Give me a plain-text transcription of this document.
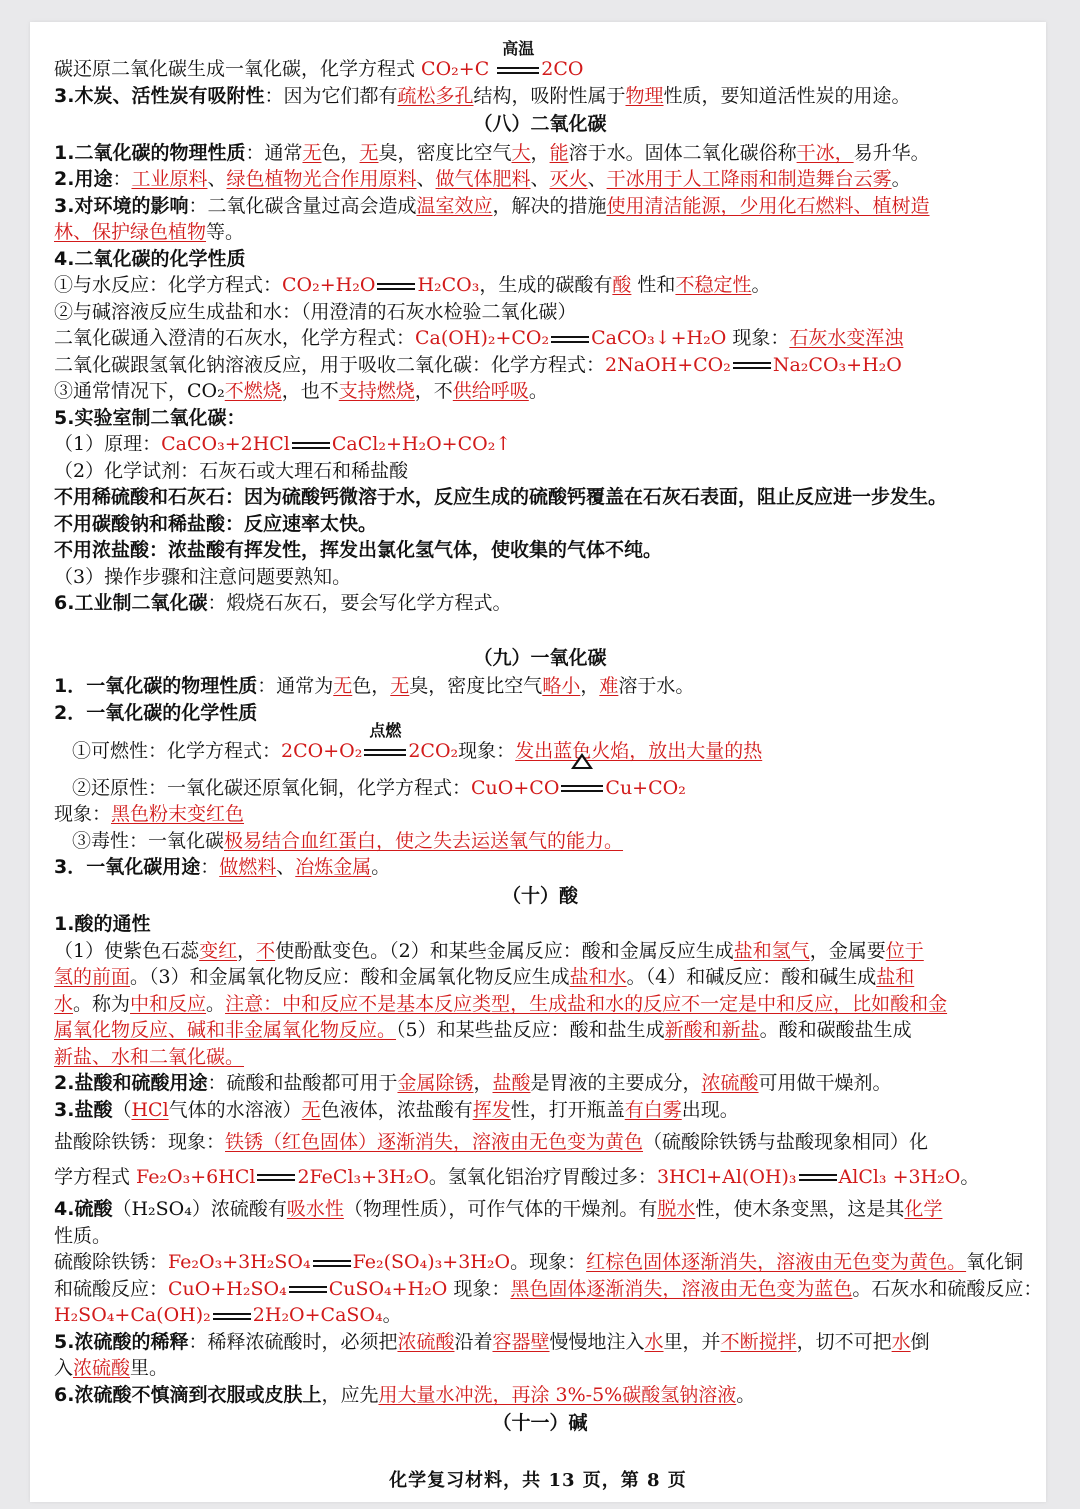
碳还原二氧化碳生成一氧化碳，化学方程式 CO₂+C
高温
2CO
3.木炭、活性炭有吸附性：因为它们都有疏松多孔结构，吸附性属于物理性质，要知道活性炭的用途。
（八）二氧化碳
1.二氧化碳的物理性质：通常无色，无臭，密度比空气大，能溶于水。固体二氧化碳俗称干冰，易升华。
2.用途：工业原料、绿色植物光合作用原料、做气体肥料、灭火、干冰用于人工降雨和制造舞台云雾。
3.对环境的影响：二氧化碳含量过高会造成温室效应，解决的措施使用清洁能源，少用化石燃料、植树造
林、保护绿色植物等。
4.二氧化碳的化学性质
①与水反应：化学方程式：CO₂+H₂O H₂CO₃，生成的碳酸有酸 性和不稳定性。
②与碱溶液反应生成盐和水：（用澄清的石灰水检验二氧化碳）
二氧化碳通入澄清的石灰水，化学方程式：Ca(OH)₂+CO₂ CaCO₃↓+H₂O 现象：石灰水变浑浊
二氧化碳跟氢氧化钠溶液反应，用于吸收二氧化碳：化学方程式：2NaOH+CO₂ Na₂CO₃+H₂O
③通常情况下，CO₂不燃烧，也不支持燃烧，不供给呼吸。
5.实验室制二氧化碳：
（1）原理：CaCO₃+2HCl CaCl₂+H₂O+CO₂↑
（2）化学试剂：石灰石或大理石和稀盐酸
不用稀硫酸和石灰石：因为硫酸钙微溶于水，反应生成的硫酸钙覆盖在石灰石表面，阻止反应进一步发生。
不用碳酸钠和稀盐酸：反应速率太快。
不用浓盐酸：浓盐酸有挥发性，挥发出氯化氢气体，使收集的气体不纯。
（3）操作步骤和注意问题要熟知。
6.工业制二氧化碳：煅烧石灰石，要会写化学方程式。
（九）一氧化碳
1．一氧化碳的物理性质：通常为无色，无臭，密度比空气略小，难溶于水。
2．一氧化碳的化学性质
①可燃性：化学方程式：2CO+O₂
点燃
2CO₂现象：发出蓝色火焰，放出大量的热
②还原性：一氧化碳还原氧化铜，化学方程式：CuO+CO Cu+CO₂
现象：黑色粉末变红色
③毒性：一氧化碳极易结合血红蛋白，使之失去运送氧气的能力。
3．一氧化碳用途：做燃料、冶炼金属。
（十）酸
1.酸的通性
（1）使紫色石蕊变红，不使酚酞变色。（2）和某些金属反应：酸和金属反应生成盐和氢气，金属要位于
氢的前面。（3）和金属氧化物反应：酸和金属氧化物反应生成盐和水。（4）和碱反应：酸和碱生成盐和
水。称为中和反应。注意：中和反应不是基本反应类型，生成盐和水的反应不一定是中和反应，比如酸和金
属氧化物反应、碱和非金属氧化物反应。（5）和某些盐反应：酸和盐生成新酸和新盐。酸和碳酸盐生成
新盐、水和二氧化碳。
2.盐酸和硫酸用途：硫酸和盐酸都可用于金属除锈，盐酸是胃液的主要成分，浓硫酸可用做干燥剂。
3.盐酸（HCl气体的水溶液）无色液体，浓盐酸有挥发性，打开瓶盖有白雾出现。
盐酸除铁锈：现象：铁锈（红色固体）逐渐消失，溶液由无色变为黄色（硫酸除铁锈与盐酸现象相同）化
学方程式 Fe₂O₃+6HCl 2FeCl₃+3H₂O。氢氧化铝治疗胃酸过多：3HCl+Al(OH)₃ AlCl₃ +3H₂O。
4.硫酸（H₂SO₄）浓硫酸有吸水性（物理性质），可作气体的干燥剂。有脱水性，使木条变黑，这是其化学
性质。
硫酸除铁锈：Fe₂O₃+3H₂SO₄ Fe₂(SO₄)₃+3H₂O。现象：红棕色固体逐渐消失，溶液由无色变为黄色。氧化铜
和硫酸反应：CuO+H₂SO₄ CuSO₄+H₂O 现象：黑色固体逐渐消失，溶液由无色变为蓝色。石灰水和硫酸反应：
H₂SO₄+Ca(OH)₂ 2H₂O+CaSO₄。
5.浓硫酸的稀释：稀释浓硫酸时，必须把浓硫酸沿着容器壁慢慢地注入水里，并不断搅拌，切不可把水倒
入浓硫酸里。
6.浓硫酸不慎滴到衣服或皮肤上，应先用大量水冲洗，再涂 3%-5%碳酸氢钠溶液。
（十一）碱
化学复习材料，共 13 页，第 8 页
